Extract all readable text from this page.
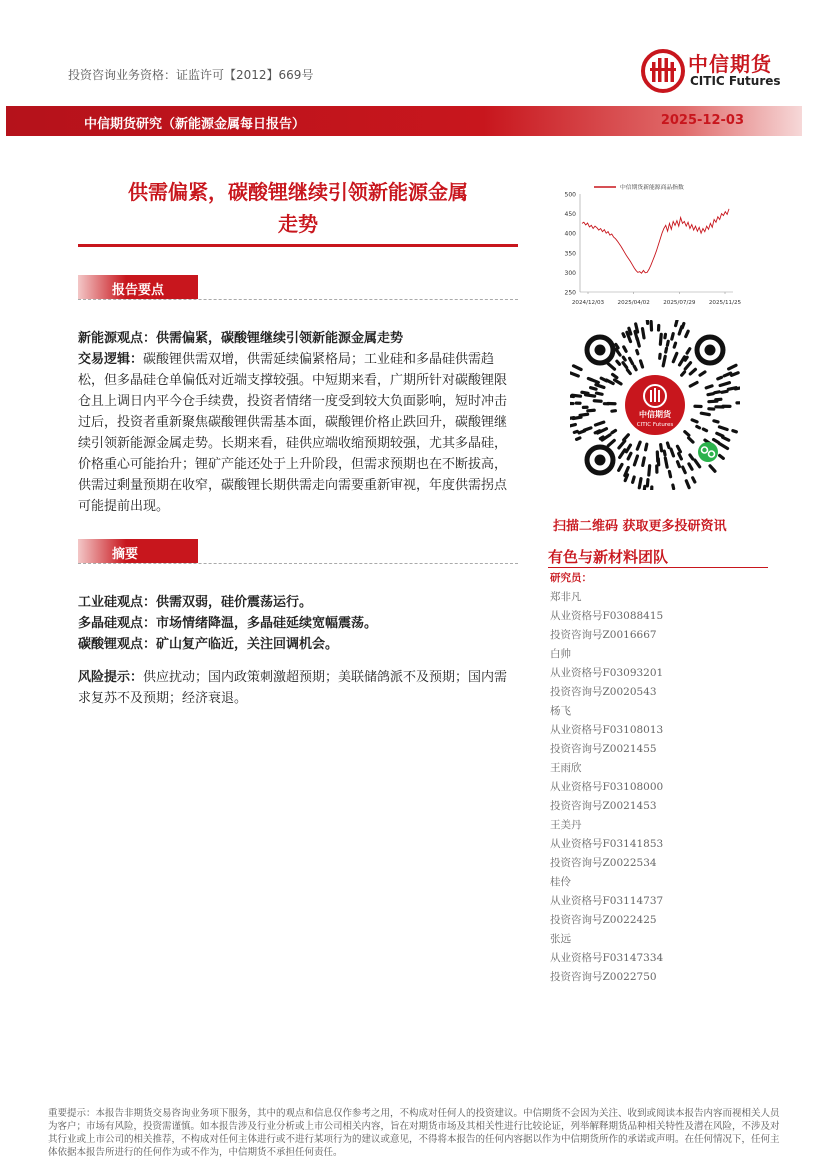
投资咨询业务资格：证监许可【2012】669号	中信期货
CITIC Futures
中信期货研究（新能源金属每日报告）	2025-12-03
供需偏紧，碳酸锂继续引领新能源金属
走势
报告要点

新能源观点：供需偏紧，碳酸锂继续引领新能源金属走势

交易逻辑：碳酸锂供需双增，供需延续偏紧格局；工业硅和多晶硅供需趋松，但多晶硅仓单偏低对近端支撑较强。中短期来看，广期所针对碳酸锂限仓且上调日内平今仓手续费，投资者情绪一度受到较大负面影响，短时冲击过后，投资者重新聚焦碳酸锂供需基本面，碳酸锂价格止跌回升，碳酸锂继续引领新能源金属走势。长期来看，硅供应端收缩预期较强，尤其多晶硅，价格重心可能抬升；锂矿产能还处于上升阶段，但需求预期也在不断拔高，供需过剩量预期在收窄，碳酸锂长期供需走向需要重新审视，年度供需拐点可能提前出现。

摘要

工业硅观点：供需双弱，硅价震荡运行。

多晶硅观点：市场情绪降温，多晶硅延续宽幅震荡。

碳酸锂观点：矿山复产临近，关注回调机会。

风险提示：供应扰动；国内政策刺激超预期；美联储鸽派不及预期；国内需求复苏不及预期；经济衰退。

250
300
350
400
450
500
2024/12/03 2025/04/02 2025/07/29 2025/11/25
中信期货新能源商品指数
中信期货
CITIC Futures
扫描二维码 获取更多投研资讯
有色与新材料团队
研究员：
郑非凡
从业资格号F03088415
投资咨询号Z0016667
白帅
从业资格号F03093201
投资咨询号Z0020543
杨飞
从业资格号F03108013
投资咨询号Z0021455
王雨欣
从业资格号F03108000
投资咨询号Z0021453
王美丹
从业资格号F03141853
投资咨询号Z0022534
桂伶
从业资格号F03114737
投资咨询号Z0022425
张远
从业资格号F03147334
投资咨询号Z0022750
重要提示：本报告非期货交易咨询业务项下服务，其中的观点和信息仅作参考之用，不构成对任何人的投资建议。中信期货不会因为关注、收到或阅读本报告内容而视相关人员为客户；市场有风险，投资需谨慎。如本报告涉及行业分析或上市公司相关内容，旨在对期货市场及其相关性进行比较论证，列举解释期货品种相关特性及潜在风险，不涉及对其行业或上市公司的相关推荐，不构成对任何主体进行或不进行某项行为的建议或意见，不得将本报告的任何内容据以作为中信期货所作的承诺或声明。在任何情况下，任何主体依据本报告所进行的任何作为或不作为，中信期货不承担任何责任。
